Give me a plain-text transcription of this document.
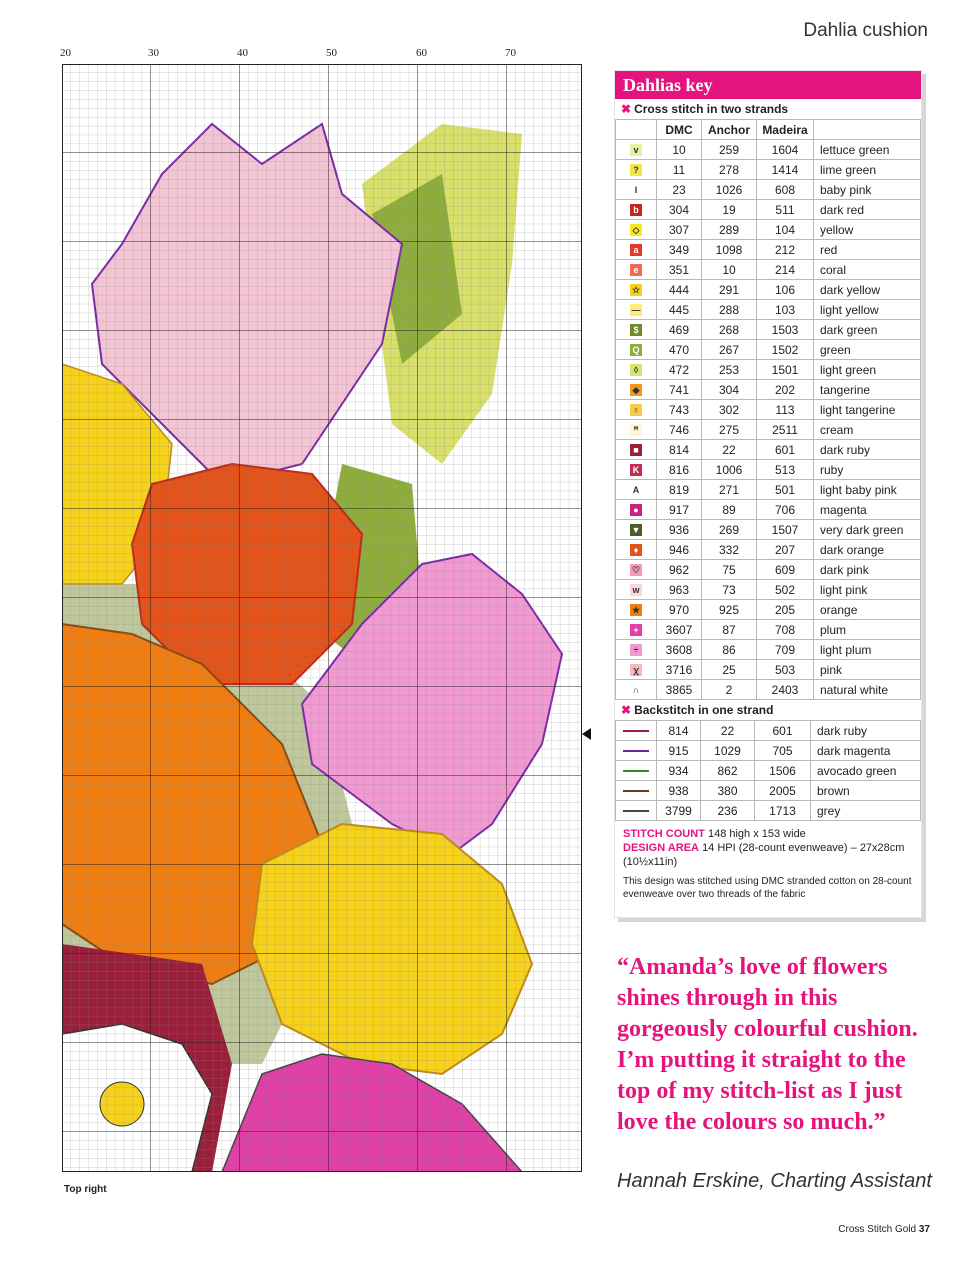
Dahlia cushion
20	30	40	50	60	70
Top right
Dahlias key
✖ Cross stitch in two strands
	DMC	Anchor	Madeira	
v	10	259	1604	lettuce green
?	11	278	1414	lime green
I	23	1026	608	baby pink
b	304	19	511	dark red
◇	307	289	104	yellow
a	349	1098	212	red
e	351	10	214	coral
☆	444	291	106	dark yellow
—	445	288	103	light yellow
$	469	268	1503	dark green
Q	470	267	1502	green
◊	472	253	1501	light green
◆	741	304	202	tangerine
♀	743	302	113	light tangerine
ꟸ	746	275	2511	cream
■	814	22	601	dark ruby
K	816	1006	513	ruby
A	819	271	501	light baby pink
●	917	89	706	magenta
▼	936	269	1507	very dark green
♦	946	332	207	dark orange
♡	962	75	609	dark pink
w	963	73	502	light pink
★	970	925	205	orange
+	3607	87	708	plum
÷	3608	86	709	light plum
ꭓ	3716	25	503	pink
∩	3865	2	2403	natural white
✖ Backstitch in one strand
	814	22	601	dark ruby
	915	1029	705	dark magenta
	934	862	1506	avocado green
	938	380	2005	brown
	3799	236	1713	grey
STITCH COUNT 148 high x 153 wide
DESIGN AREA 14 HPI (28-count evenweave) – 27x28cm (10½x11in)
This design was stitched using DMC stranded cotton on 28-count evenweave over two threads of the fabric
“Amanda’s love of flowers shines through in this gorgeously colourful cushion. I’m putting it straight to the top of my stitch-list as I just love the colours so much.”
Hannah Erskine, Charting Assistant
Cross Stitch Gold 37
